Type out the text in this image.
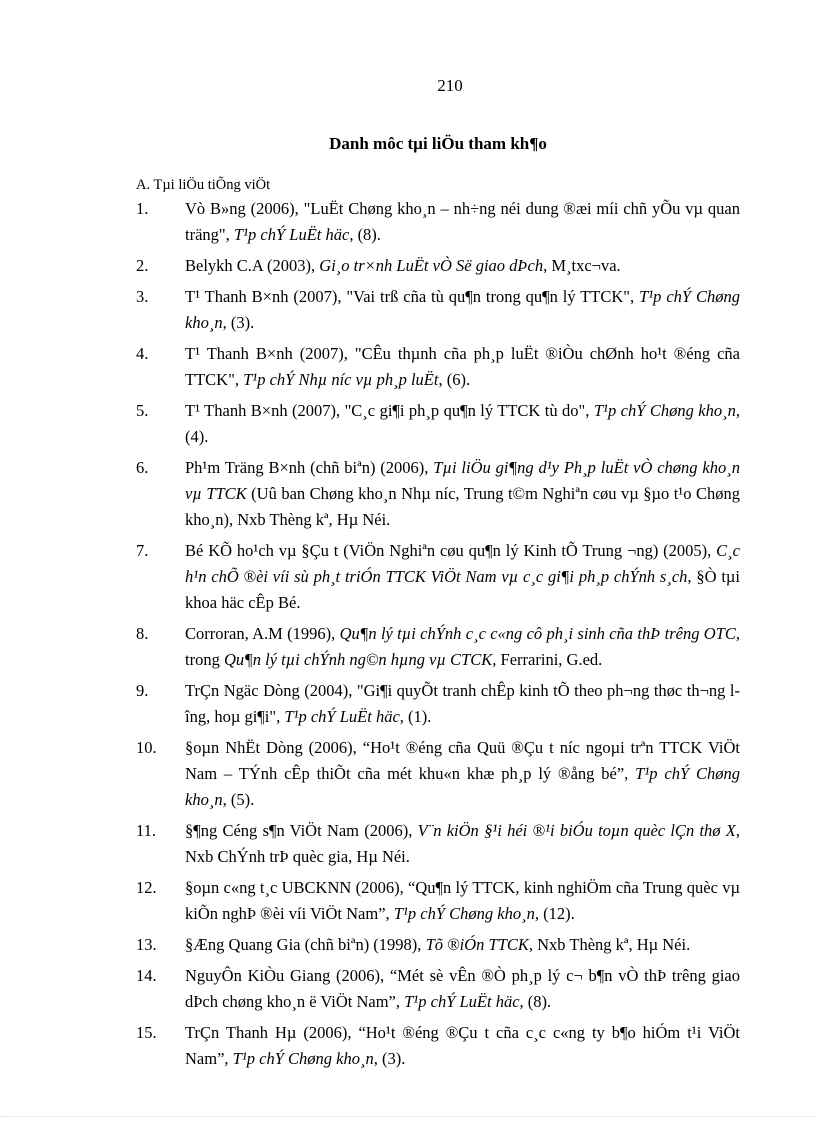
210
Danh môc tµi liÖu tham kh¶o
A. Tµi liÖu tiÕng viÖt
1.	Vò B»ng (2006), "LuËt Chøng kho¸n – nh÷ng néi dung ®æi míi chñ yÕu vµ quan träng", T¹p chÝ LuËt häc, (8).
2.	Belykh C.A (2003), Gi¸o tr×nh LuËt vÒ Së giao dÞch, M¸txc¬va.
3.	T¹ Thanh B×nh (2007), "Vai trß cña tù qu¶n trong qu¶n lý TTCK", T¹p chÝ Chøng kho¸n, (3).
4.	T¹ Thanh B×nh (2007), "CÊu thµnh cña ph¸p luËt ®iÒu chØnh ho¹t ®éng cña TTCK", T¹p chÝ Nhµ níc vµ ph¸p luËt, (6).
5.	T¹ Thanh B×nh (2007), "C¸c gi¶i ph¸p qu¶n lý TTCK tù do", T¹p chÝ Chøng kho¸n, (4).
6.	Ph¹m Träng B×nh (chñ biªn) (2006), Tµi liÖu gi¶ng d¹y Ph¸p luËt vÒ chøng kho¸n vµ TTCK (Uû ban Chøng kho¸n Nhµ níc, Trung t©m Nghiªn cøu vµ §µo t¹o Chøng kho¸n), Nxb Thèng kª, Hµ Néi.
7.	Bé KÕ ho¹ch vµ §Çu t (ViÖn Nghiªn cøu qu¶n lý Kinh tÕ Trung ¬ng) (2005), C¸c h¹n chÕ ®èi víi sù ph¸t triÓn TTCK ViÖt Nam vµ c¸c gi¶i ph¸p chÝnh s¸ch, §Ò tµi khoa häc cÊp Bé.
8.	Corroran, A.M (1996), Qu¶n lý tµi chÝnh c¸c c«ng cô ph¸i sinh cña thÞ trêng OTC, trong Qu¶n lý tµi chÝnh ng©n hµng vµ CTCK, Ferrarini, G.ed.
9.	TrÇn Ngäc Dòng (2004), "Gi¶i quyÕt tranh chÊp kinh tÕ theo ph¬ng thøc th¬ng lîng, hoµ gi¶i", T¹p chÝ LuËt häc, (1).
10.	§oµn NhËt Dòng (2006), “Ho¹t ®éng cña Quü ®Çu t níc ngoµi trªn TTCK ViÖt Nam – TÝnh cÊp thiÕt cña mét khu«n khæ ph¸p lý ®ång bé”, T¹p chÝ Chøng kho¸n, (5).
11.	§¶ng Céng s¶n ViÖt Nam (2006), V¨n kiÖn §¹i héi ®¹i biÓu toµn quèc lÇn thø X, Nxb ChÝnh trÞ quèc gia, Hµ Néi.
12.	§oµn c«ng t¸c UBCKNN (2006), “Qu¶n lý TTCK, kinh nghiÖm cña Trung quèc vµ kiÕn nghÞ ®èi víi ViÖt Nam”, T¹p chÝ Chøng kho¸n, (12).
13.	§Æng Quang Gia (chñ biªn) (1998), Tõ ®iÓn TTCK, Nxb Thèng kª, Hµ Néi.
14.	NguyÔn KiÒu Giang (2006), “Mét sè vÊn ®Ò ph¸p lý c¬ b¶n vÒ thÞ trêng giao dÞch chøng kho¸n ë ViÖt Nam”, T¹p chÝ LuËt häc, (8).
15.	TrÇn Thanh Hµ (2006), “Ho¹t ®éng ®Çu t cña c¸c c«ng ty b¶o hiÓm t¹i ViÖt Nam”, T¹p chÝ Chøng kho¸n, (3).
